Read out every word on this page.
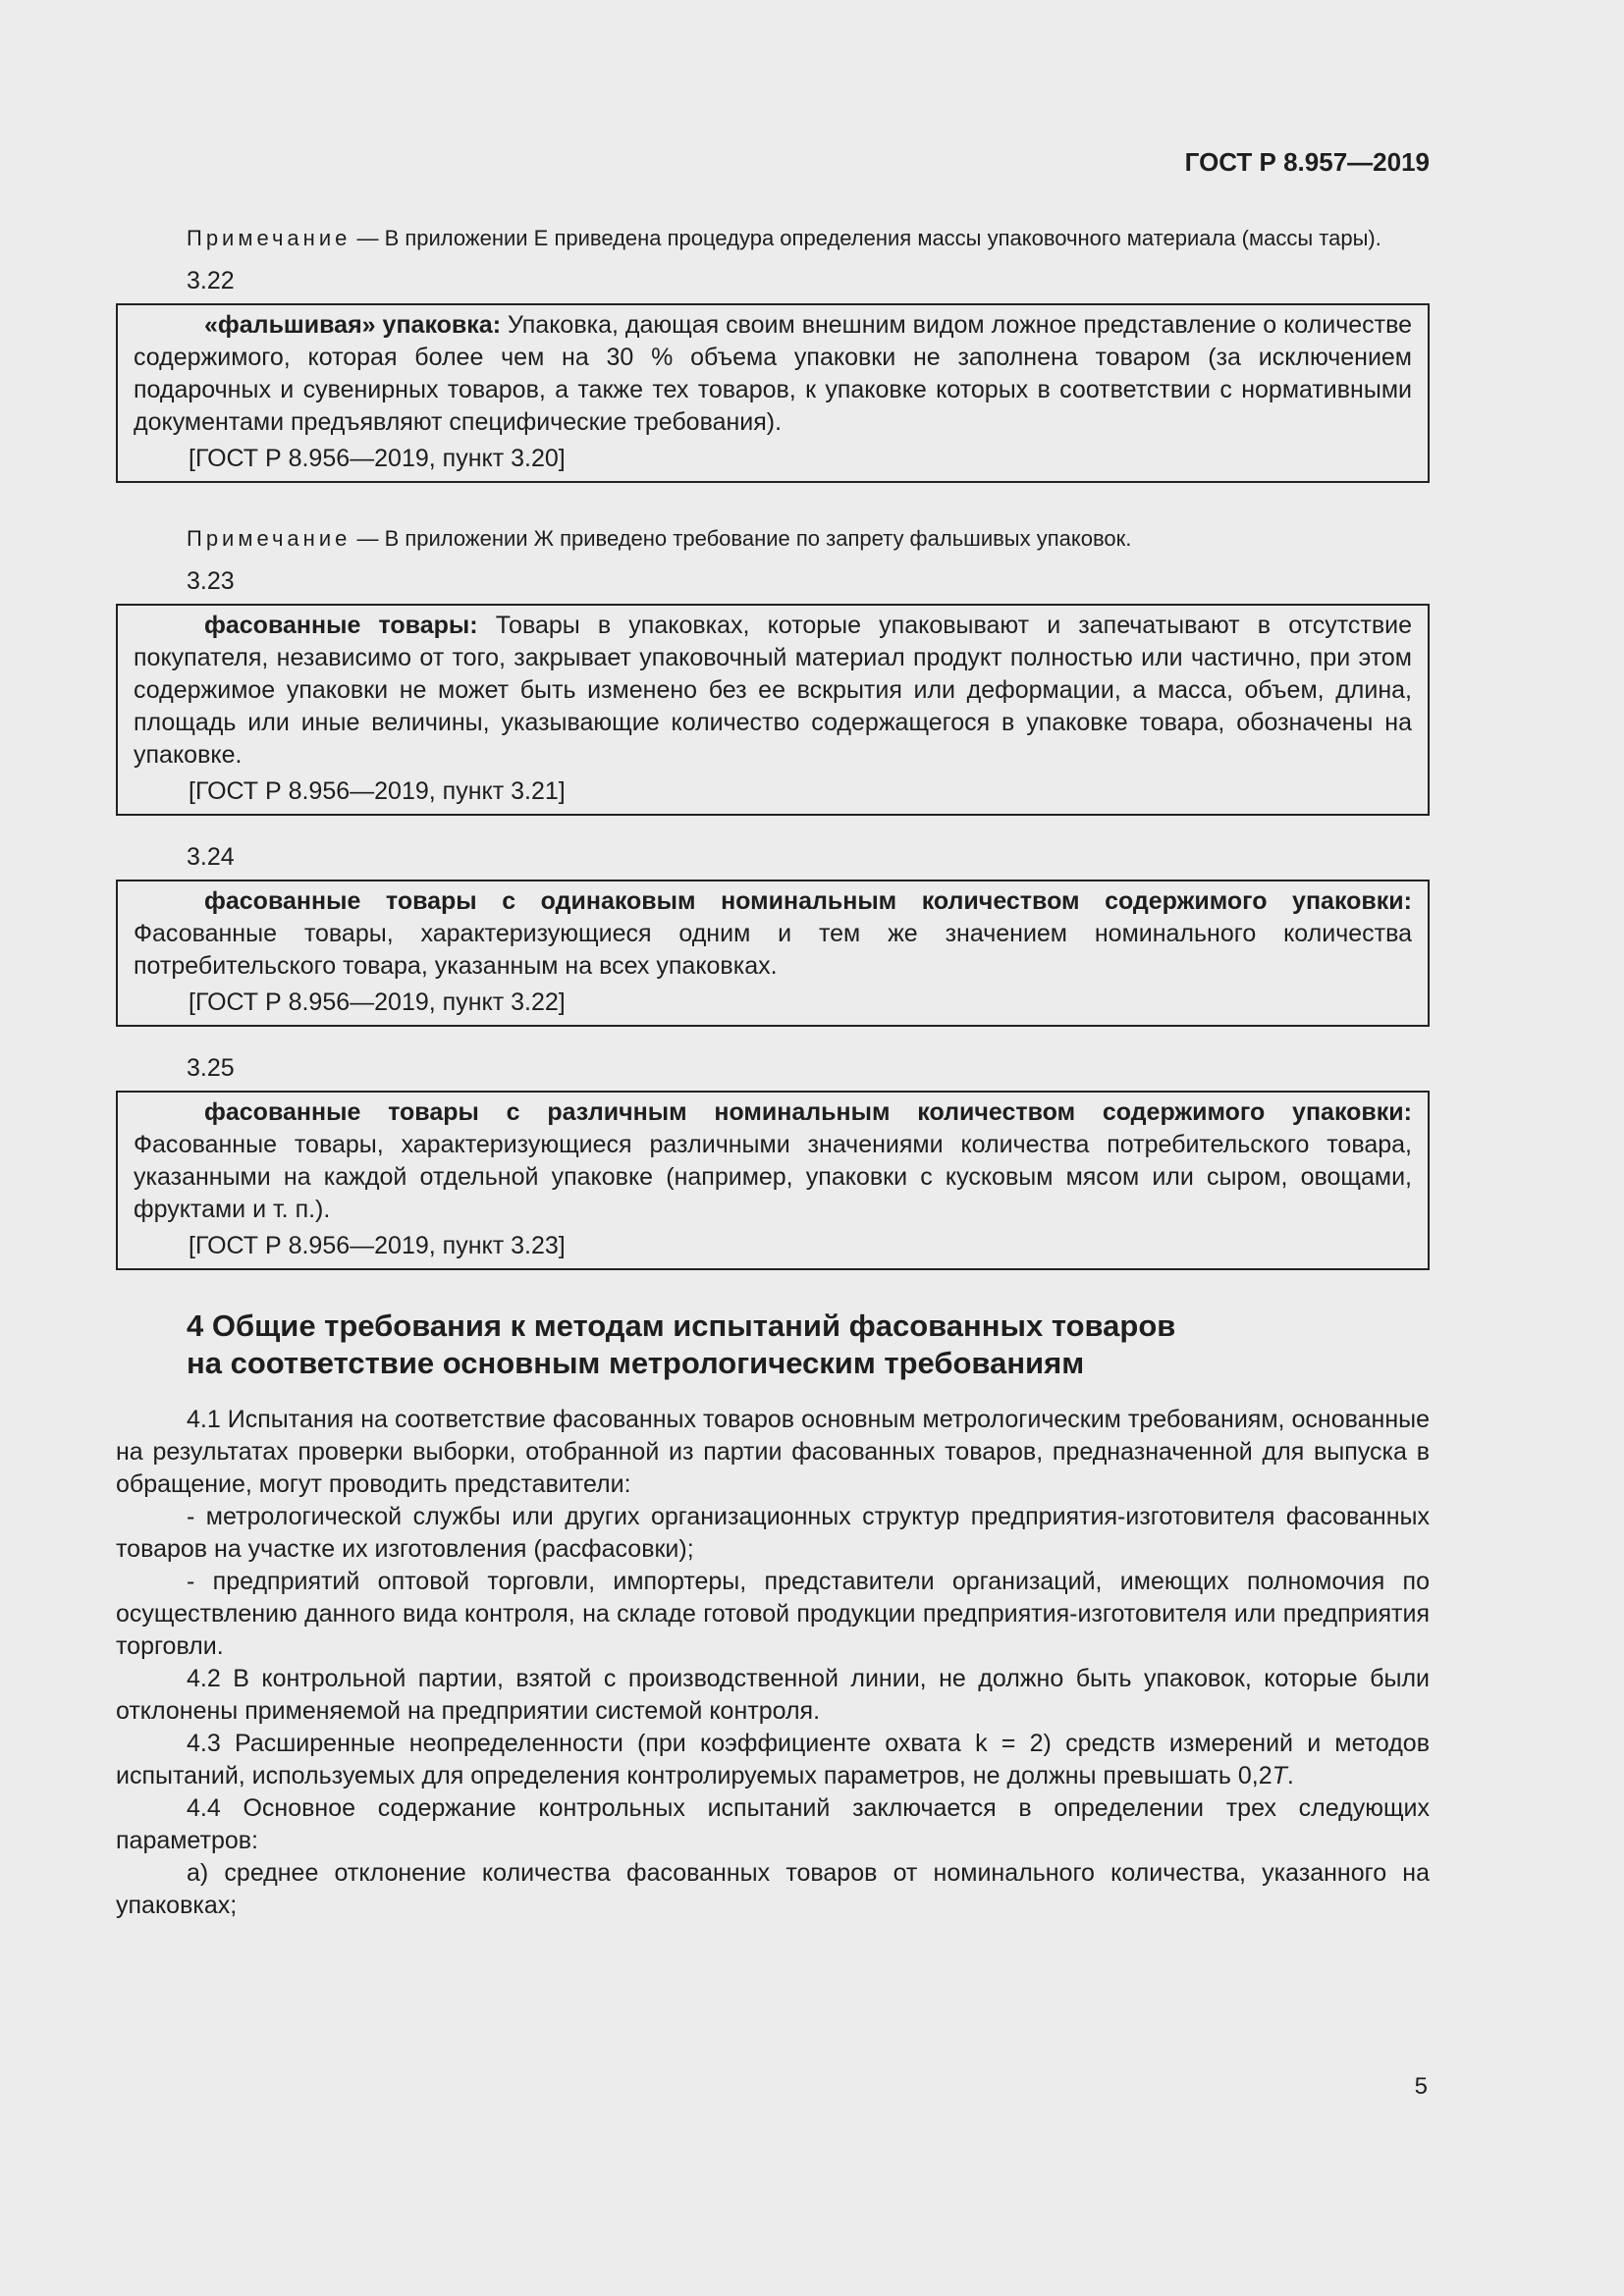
ГОСТ Р 8.957—2019

Примечание — В приложении Е приведена процедура определения массы упаковочного материала (массы тары).

3.22

«фальшивая» упаковка: Упаковка, дающая своим внешним видом ложное представление о количестве содержимого, которая более чем на 30 % объема упаковки не заполнена товаром (за исключением подарочных и сувенирных товаров, а также тех товаров, к упаковке которых в соответствии с нормативными документами предъявляют специфические требования).

[ГОСТ Р 8.956—2019, пункт 3.20]

Примечание — В приложении Ж приведено требование по запрету фальшивых упаковок.

3.23

фасованные товары: Товары в упаковках, которые упаковывают и запечатывают в отсутствие покупателя, независимо от того, закрывает упаковочный материал продукт полностью или частично, при этом содержимое упаковки не может быть изменено без ее вскрытия или деформации, а масса, объем, длина, площадь или иные величины, указывающие количество содержащегося в упаковке товара, обозначены на упаковке.

[ГОСТ Р 8.956—2019, пункт 3.21]

3.24

фасованные товары с одинаковым номинальным количеством содержимого упаковки: Фасованные товары, характеризующиеся одним и тем же значением номинального количества потребительского товара, указанным на всех упаковках.

[ГОСТ Р 8.956—2019, пункт 3.22]

3.25

фасованные товары с различным номинальным количеством содержимого упаковки: Фасованные товары, характеризующиеся различными значениями количества потребительского товара, указанными на каждой отдельной упаковке (например, упаковки с кусковым мясом или сыром, овощами, фруктами и т. п.).

[ГОСТ Р 8.956—2019, пункт 3.23]

4 Общие требования к методам испытаний фасованных товаров
на соответствие основным метрологическим требованиям

4.1 Испытания на соответствие фасованных товаров основным метрологическим требованиям, основанные на результатах проверки выборки, отобранной из партии фасованных товаров, предназначенной для выпуска в обращение, могут проводить представители:

- метрологической службы или других организационных структур предприятия-изготовителя фасованных товаров на участке их изготовления (расфасовки);

- предприятий оптовой торговли, импортеры, представители организаций, имеющих полномочия по осуществлению данного вида контроля, на складе готовой продукции предприятия-изготовителя или предприятия торговли.

4.2 В контрольной партии, взятой с производственной линии, не должно быть упаковок, которые были отклонены применяемой на предприятии системой контроля.

4.3 Расширенные неопределенности (при коэффициенте охвата k = 2) средств измерений и методов испытаний, используемых для определения контролируемых параметров, не должны превышать 0,2T.

4.4 Основное содержание контрольных испытаний заключается в определении трех следующих параметров:

а) среднее отклонение количества фасованных товаров от номинального количества, указанного на упаковках;

5
